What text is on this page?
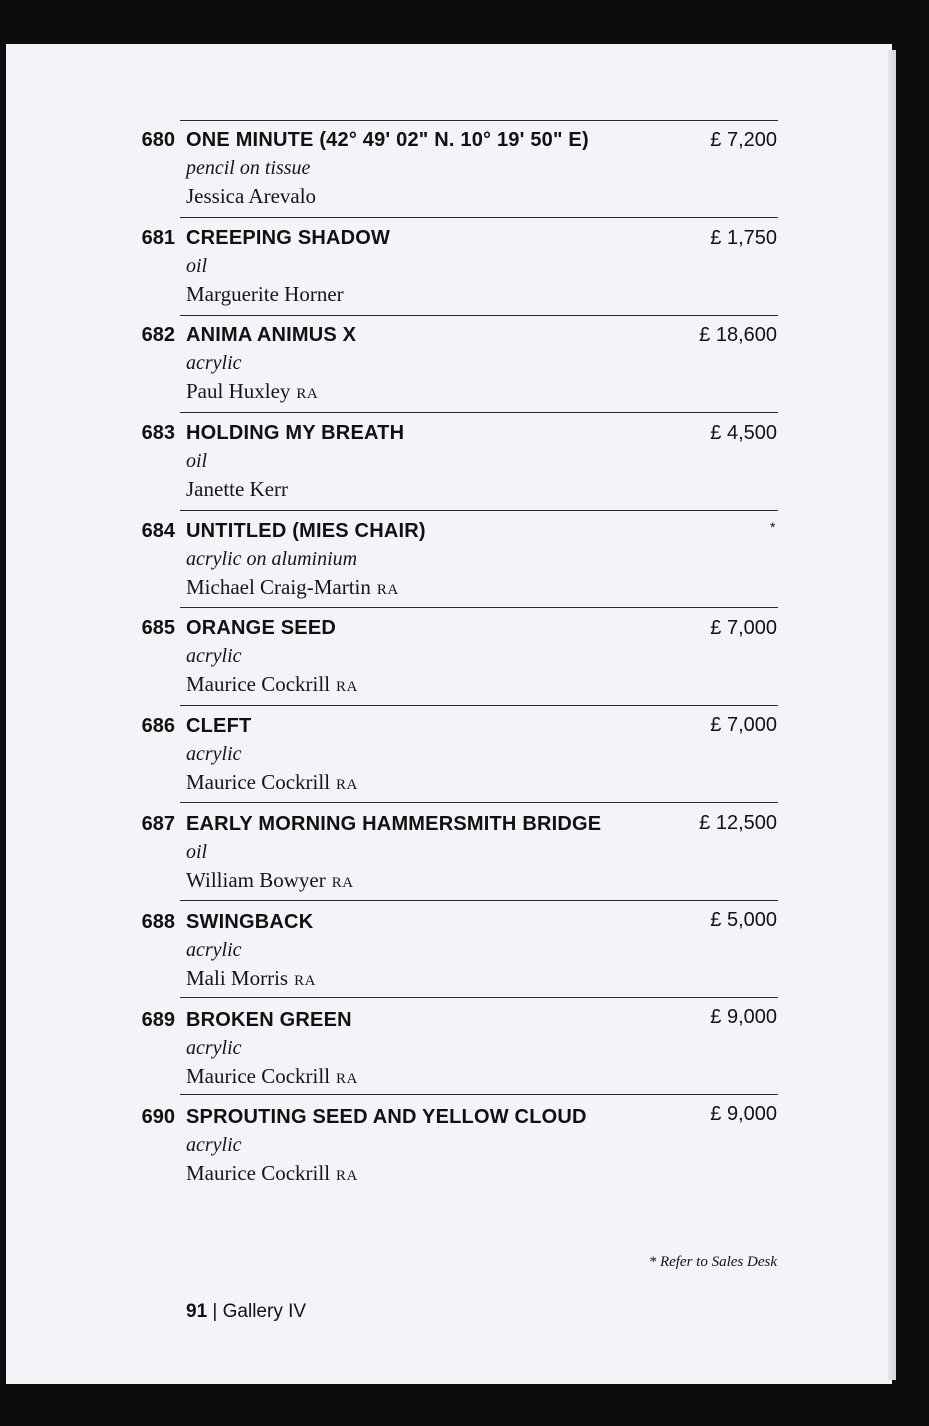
680 ONE MINUTE (42° 49' 02" N. 10° 19' 50" E)
pencil on tissue
Jessica Arevalo
£ 7,200
681 CREEPING SHADOW
oil
Marguerite Horner
£ 1,750
682 ANIMA ANIMUS X
acrylic
Paul Huxley RA
£ 18,600
683 HOLDING MY BREATH
oil
Janette Kerr
£ 4,500
684 UNTITLED (MIES CHAIR)
acrylic on aluminium
Michael Craig-Martin RA
*
685 ORANGE SEED
acrylic
Maurice Cockrill RA
£ 7,000
686 CLEFT
acrylic
Maurice Cockrill RA
£ 7,000
687 EARLY MORNING HAMMERSMITH BRIDGE
oil
William Bowyer RA
£ 12,500
688 SWINGBACK
acrylic
Mali Morris RA
£ 5,000
689 BROKEN GREEN
acrylic
Maurice Cockrill RA
£ 9,000
690 SPROUTING SEED AND YELLOW CLOUD
acrylic
Maurice Cockrill RA
£ 9,000
* Refer to Sales Desk
91 | Gallery IV
